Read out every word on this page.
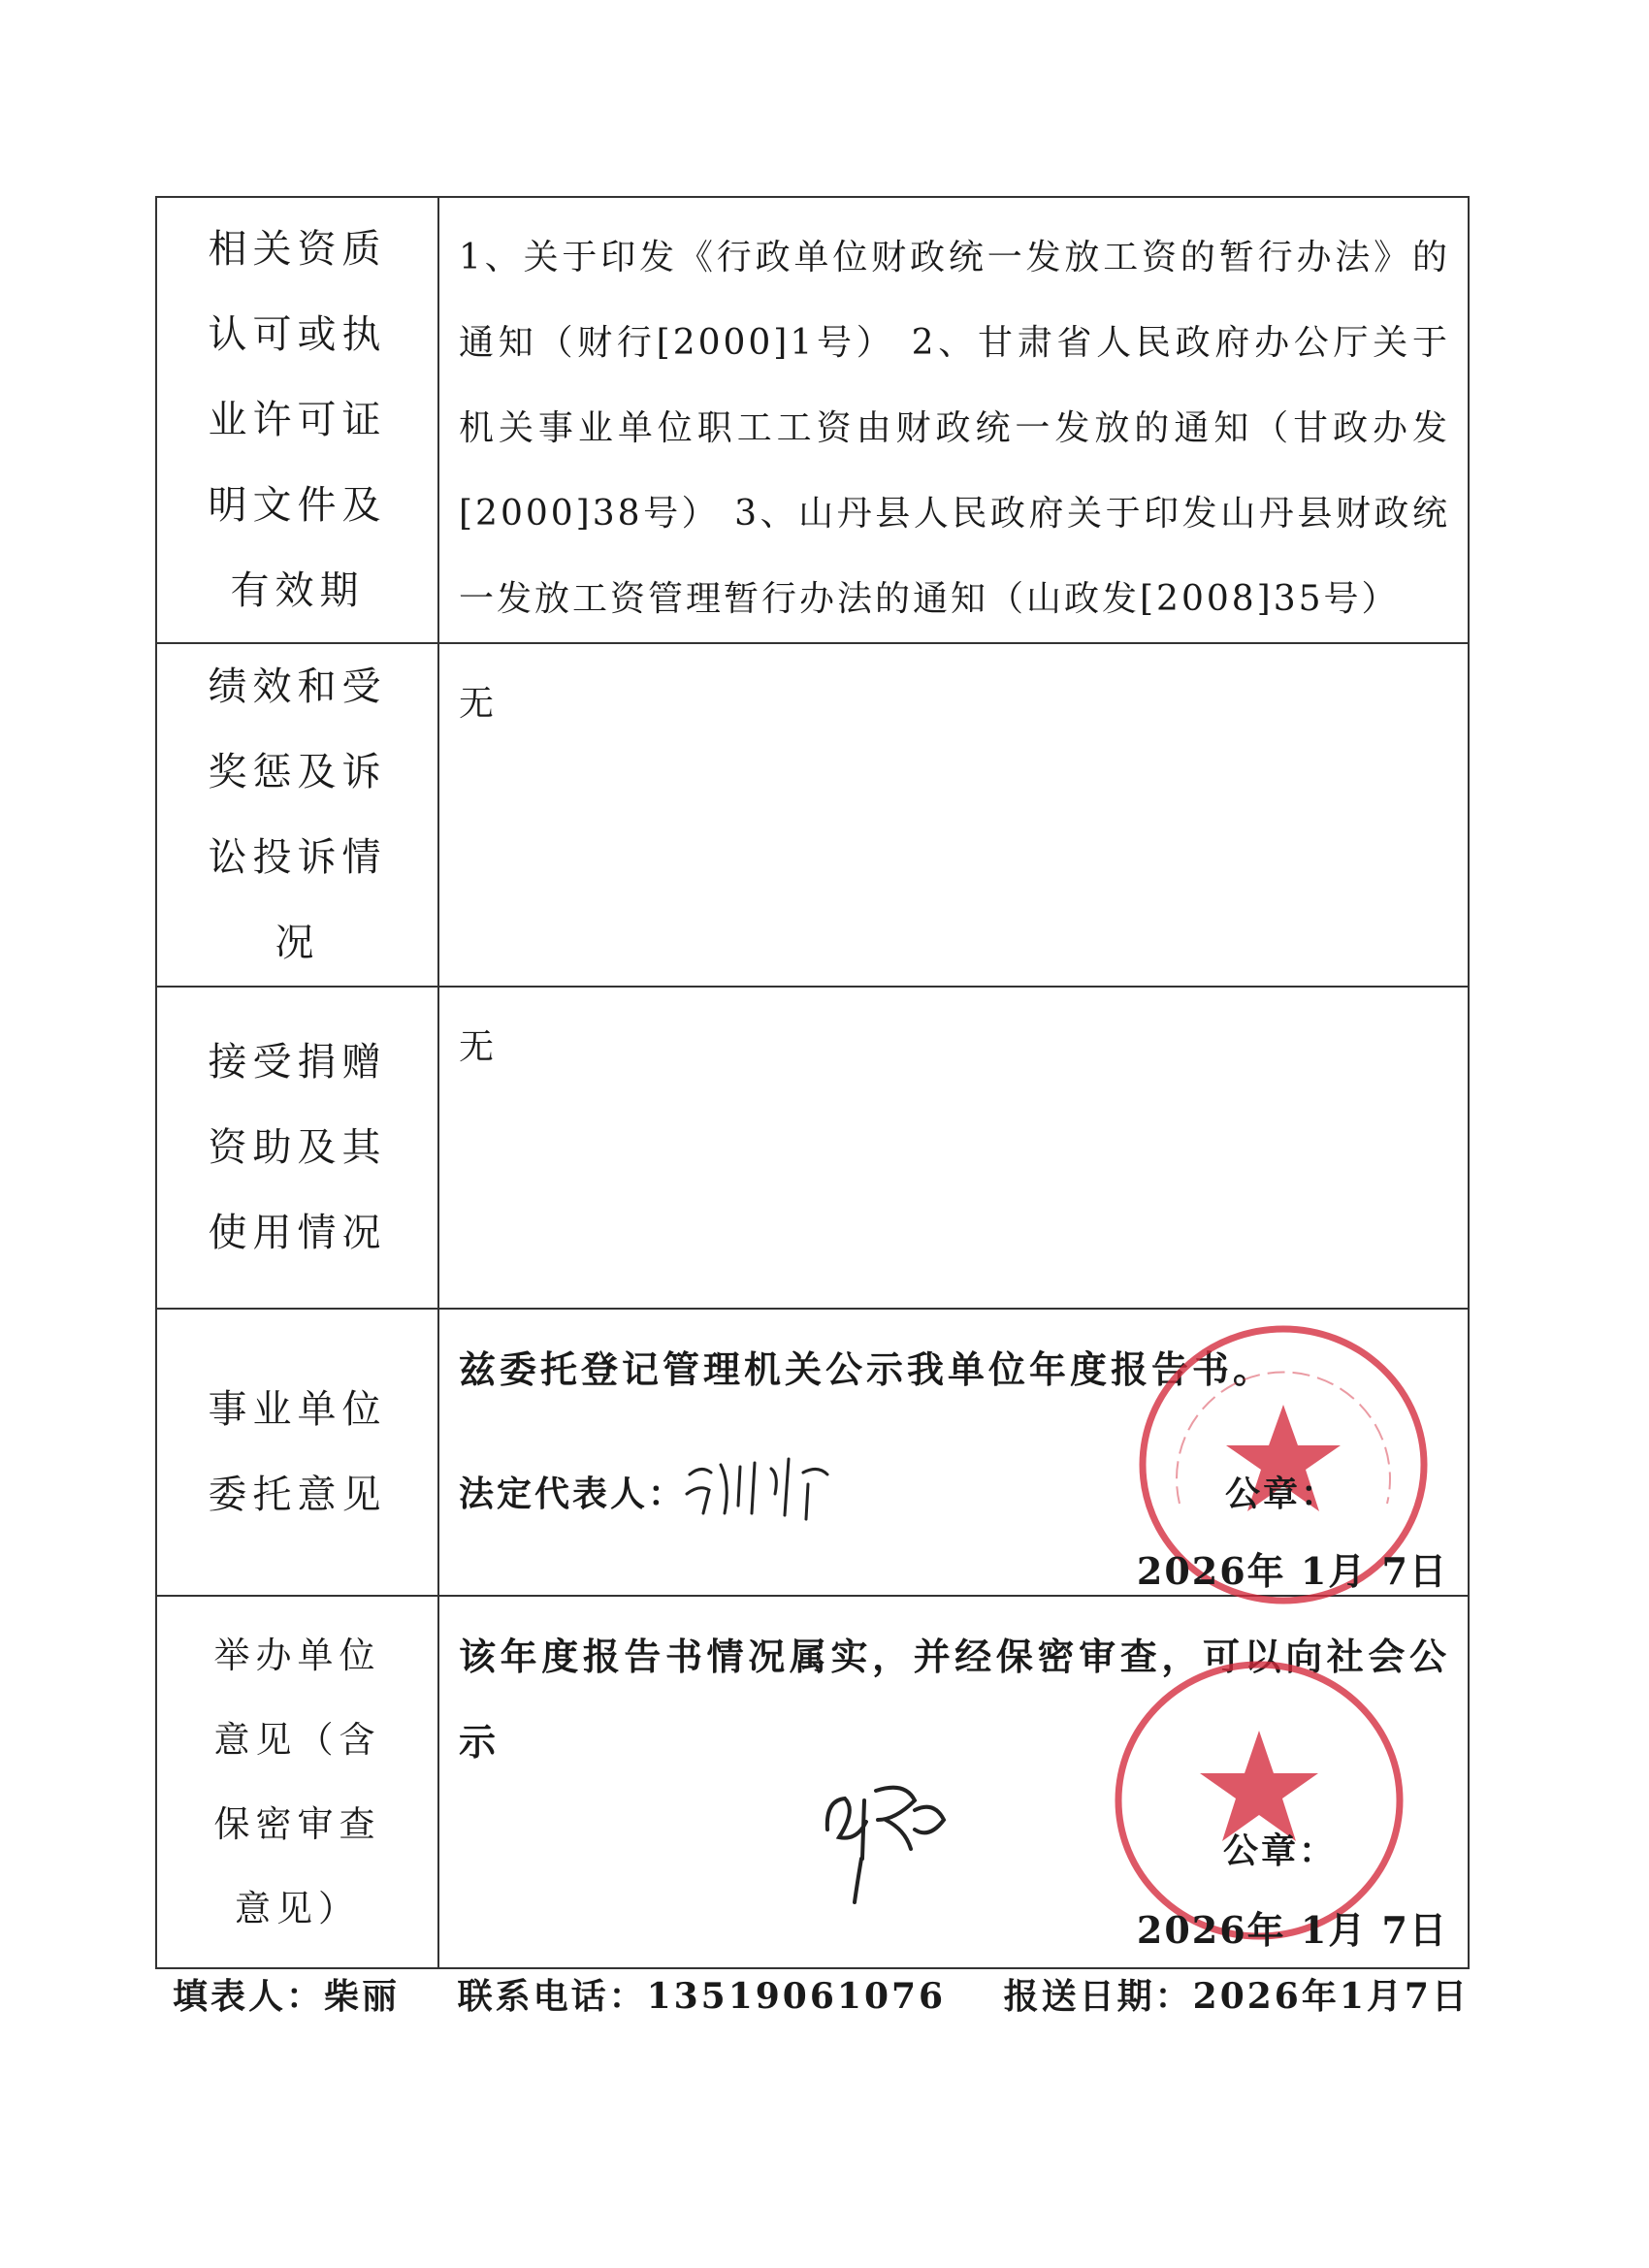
相关资质认可或执业许可证明文件及有效期	1、关于印发《行政单位财政统一发放工资的暂行办法》的通知（财行[2000]1号） 2、甘肃省人民政府办公厅关于机关事业单位职工工资由财政统一发放的通知（甘政办发[2000]38号） 3、山丹县人民政府关于印发山丹县财政统一发放工资管理暂行办法的通知（山政发[2008]35号）

绩效和受奖惩及诉讼投诉情况	无

接受捐赠资助及其使用情况	无

事业单位委托意见	兹委托登记管理机关公示我单位年度报告书。
法定代表人： 公章：
2026年 1月 7日

举办单位意见（含保密审查意见）	该年度报告书情况属实，并经保密审查，可以向社会公示
公章：
2026年 1月 7日
填表人：柴丽 联系电话：13519061076 报送日期：2026年1月7日
